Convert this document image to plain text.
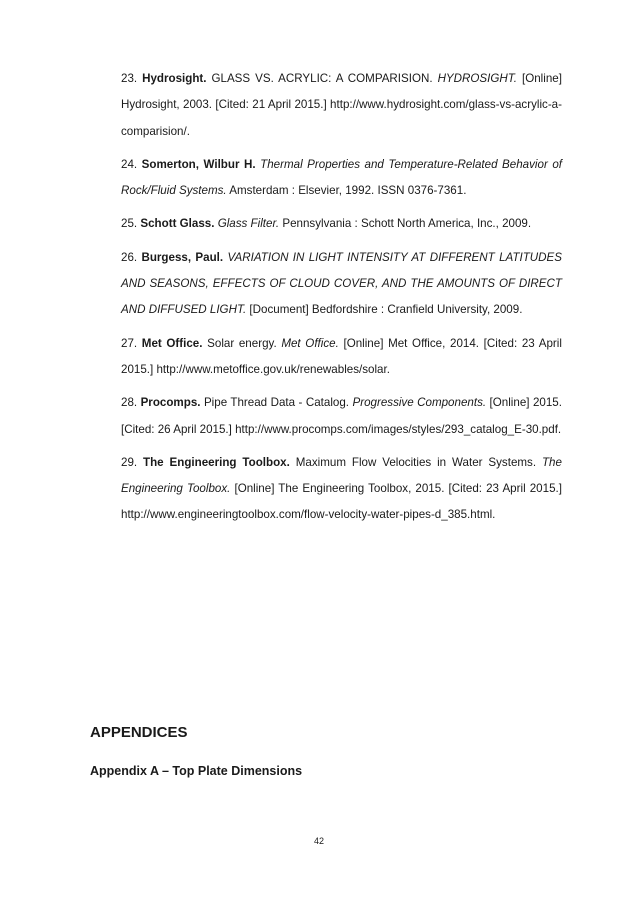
23. Hydrosight. GLASS VS. ACRYLIC: A COMPARISION. HYDROSIGHT. [Online] Hydrosight, 2003. [Cited: 21 April 2015.] http://www.hydrosight.com/glass-vs-acrylic-a-comparision/.

24. Somerton, Wilbur H. Thermal Properties and Temperature-Related Behavior of Rock/Fluid Systems. Amsterdam : Elsevier, 1992. ISSN 0376-7361.

25. Schott Glass. Glass Filter. Pennsylvania : Schott North America, Inc., 2009.

26. Burgess, Paul. VARIATION IN LIGHT INTENSITY AT DIFFERENT LATITUDES AND SEASONS, EFFECTS OF CLOUD COVER, AND THE AMOUNTS OF DIRECT AND DIFFUSED LIGHT. [Document] Bedfordshire : Cranfield University, 2009.

27. Met Office. Solar energy. Met Office. [Online] Met Office, 2014. [Cited: 23 April 2015.] http://www.metoffice.gov.uk/renewables/solar.

28. Procomps. Pipe Thread Data - Catalog. Progressive Components. [Online] 2015. [Cited: 26 April 2015.] http://www.procomps.com/images/styles/293_catalog_E-30.pdf.

29. The Engineering Toolbox. Maximum Flow Velocities in Water Systems. The Engineering Toolbox. [Online] The Engineering Toolbox, 2015. [Cited: 23 April 2015.] http://www.engineeringtoolbox.com/flow-velocity-water-pipes-d_385.html.

APPENDICES
Appendix A – Top Plate Dimensions

42
